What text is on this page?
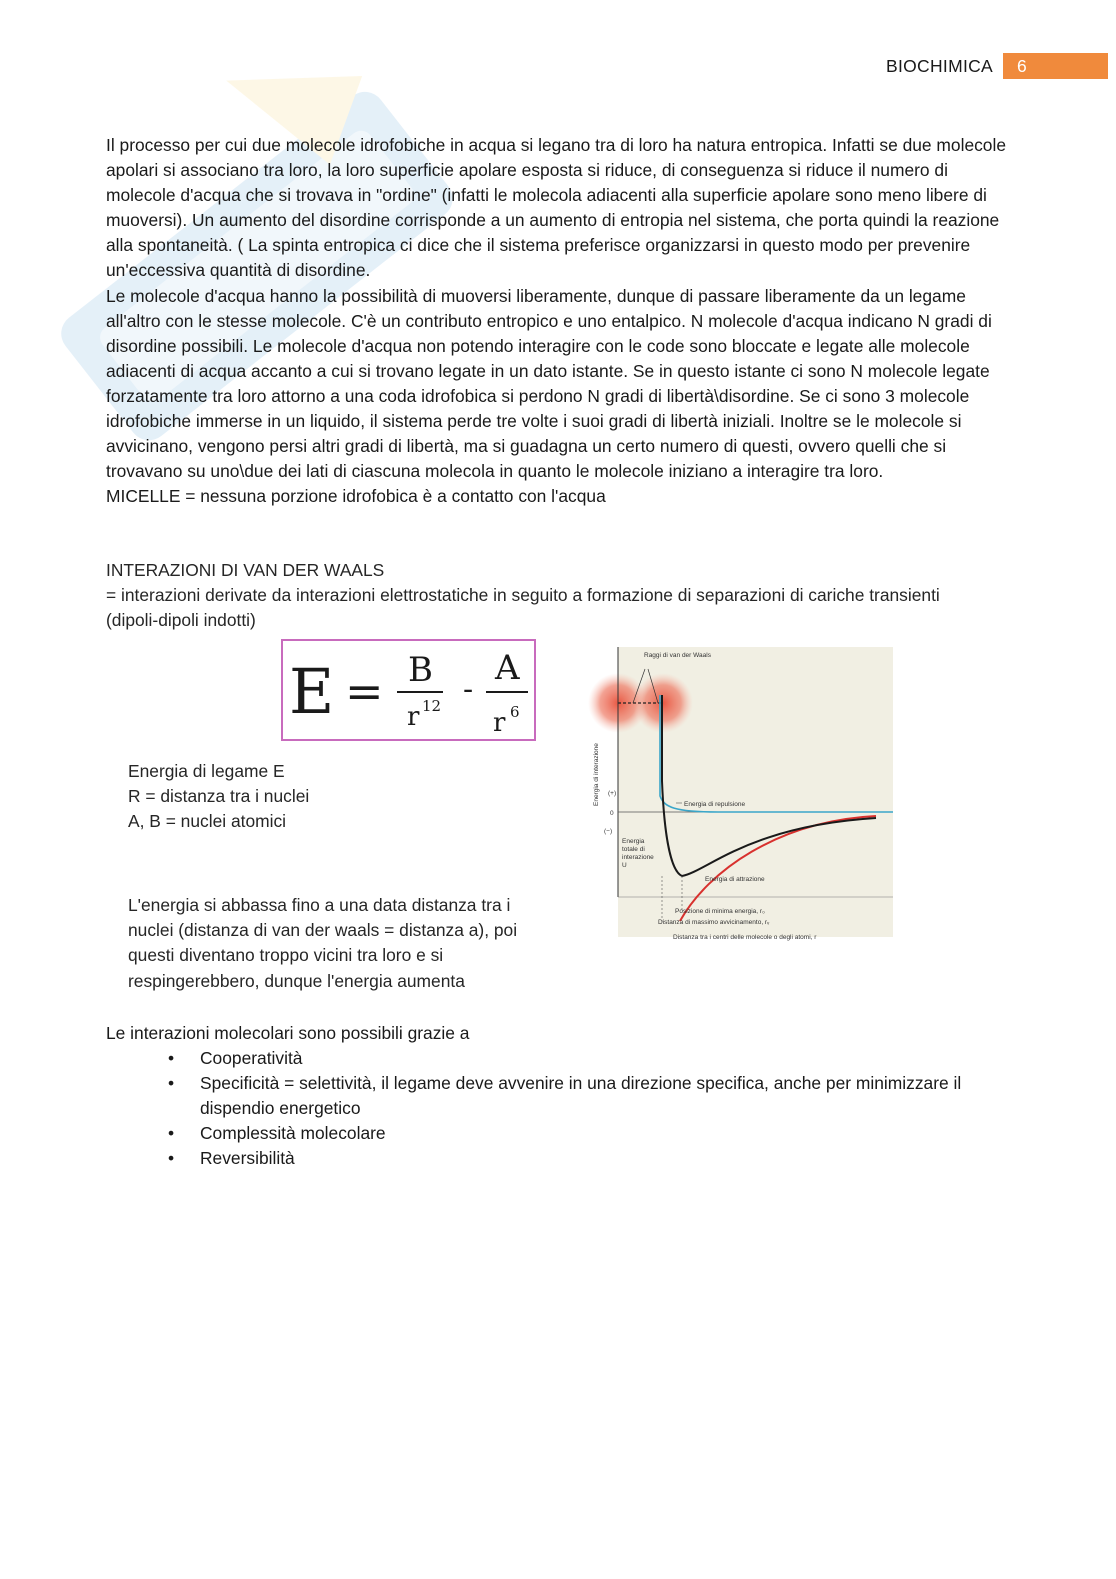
BIOCHIMICA	6

Il processo per cui due molecole idrofobiche in acqua si legano tra di loro ha natura entropica. Infatti se due molecole apolari si associano tra loro, la loro superficie apolare esposta si riduce, di conseguenza si riduce il numero di molecole d'acqua che si trovava in "ordine" (infatti le molecola adiacenti alla superficie apolare sono meno libere di muoversi). Un aumento del disordine corrisponde a un aumento di entropia nel sistema, che porta quindi la reazione alla spontaneità. ( La spinta entropica ci dice che il sistema preferisce organizzarsi in questo modo per prevenire un'eccessiva quantità di disordine.

Le molecole d'acqua hanno la possibilità di muoversi liberamente, dunque di passare liberamente da un legame all'altro con le stesse molecole. C'è un contributo entropico e uno entalpico. N molecole d'acqua indicano N gradi di disordine possibili. Le molecole d'acqua non potendo interagire con le code sono bloccate e legate alle molecole adiacenti di acqua accanto a cui si trovano legate in un dato istante. Se in questo istante ci sono N molecole legate forzatamente tra loro attorno a una coda idrofobica si perdono N gradi di libertà\disordine. Se ci sono 3 molecole idrofobiche immerse in un liquido, il sistema perde tre volte i suoi gradi di libertà iniziali. Inoltre se le molecole si avvicinano, vengono persi altri gradi di libertà, ma si guadagna un certo numero di questi, ovvero quelli che si trovavano su uno\due dei lati di ciascuna molecola in quanto le molecole iniziano a interagire tra loro.

MICELLE = nessuna porzione idrofobica è a contatto con l'acqua

INTERAZIONI DI VAN DER WAALS
= interazioni derivate da interazioni elettrostatiche in seguito a formazione di separazioni di cariche transienti (dipoli-dipoli indotti)
E = B
r 12 -
A
r 6
Energia di legame E
R = distanza tra i nuclei
A, B = nuclei atomici
L'energia si abbassa fino a una data distanza tra i nuclei (distanza di van der waals = distanza a), poi questi diventano troppo vicini tra loro e si respingerebbero, dunque l'energia aumenta
Raggi di van der Waals
Energia di interazione (+)
0
(−)
Energia di repulsione
Energia
totale di
interazione
U
Energia di attrazione
Posizione di minima energia, r₀
Distanza di massimo avvicinamento, rᵥ
Distanza tra i centri delle molecole o degli atomi, r
Le interazioni molecolari sono possibili grazie a
• Cooperatività
• Specificità = selettività, il legame deve avvenire in una direzione specifica, anche per minimizzare il dispendio energetico
• Complessità molecolare
• Reversibilità
